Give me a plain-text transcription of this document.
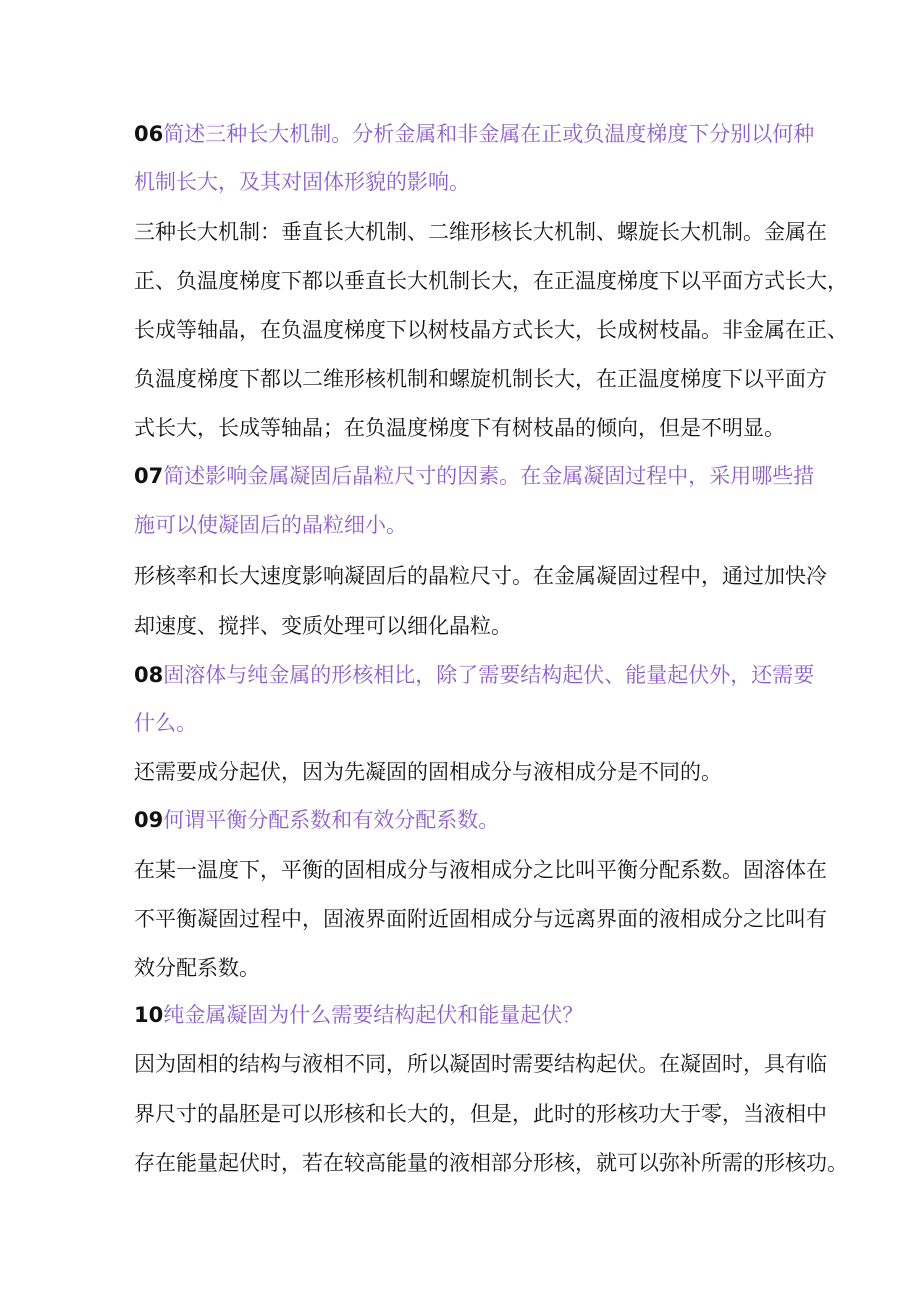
06简述三种长大机制。分析金属和非金属在正或负温度梯度下分别以何种
机制长大，及其对固体形貌的影响。
三种长大机制：垂直长大机制、二维形核长大机制、螺旋长大机制。金属在
正、负温度梯度下都以垂直长大机制长大，在正温度梯度下以平面方式长大，
长成等轴晶，在负温度梯度下以树枝晶方式长大，长成树枝晶。非金属在正、
负温度梯度下都以二维形核机制和螺旋机制长大，在正温度梯度下以平面方
式长大，长成等轴晶；在负温度梯度下有树枝晶的倾向，但是不明显。
07简述影响金属凝固后晶粒尺寸的因素。在金属凝固过程中，采用哪些措
施可以使凝固后的晶粒细小。
形核率和长大速度影响凝固后的晶粒尺寸。在金属凝固过程中，通过加快冷
却速度、搅拌、变质处理可以细化晶粒。
08固溶体与纯金属的形核相比，除了需要结构起伏、能量起伏外，还需要
什么。
还需要成分起伏，因为先凝固的固相成分与液相成分是不同的。
09何谓平衡分配系数和有效分配系数。
在某一温度下，平衡的固相成分与液相成分之比叫平衡分配系数。固溶体在
不平衡凝固过程中，固液界面附近固相成分与远离界面的液相成分之比叫有
效分配系数。
10纯金属凝固为什么需要结构起伏和能量起伏？
因为固相的结构与液相不同，所以凝固时需要结构起伏。在凝固时，具有临
界尺寸的晶胚是可以形核和长大的，但是，此时的形核功大于零，当液相中
存在能量起伏时，若在较高能量的液相部分形核，就可以弥补所需的形核功。
